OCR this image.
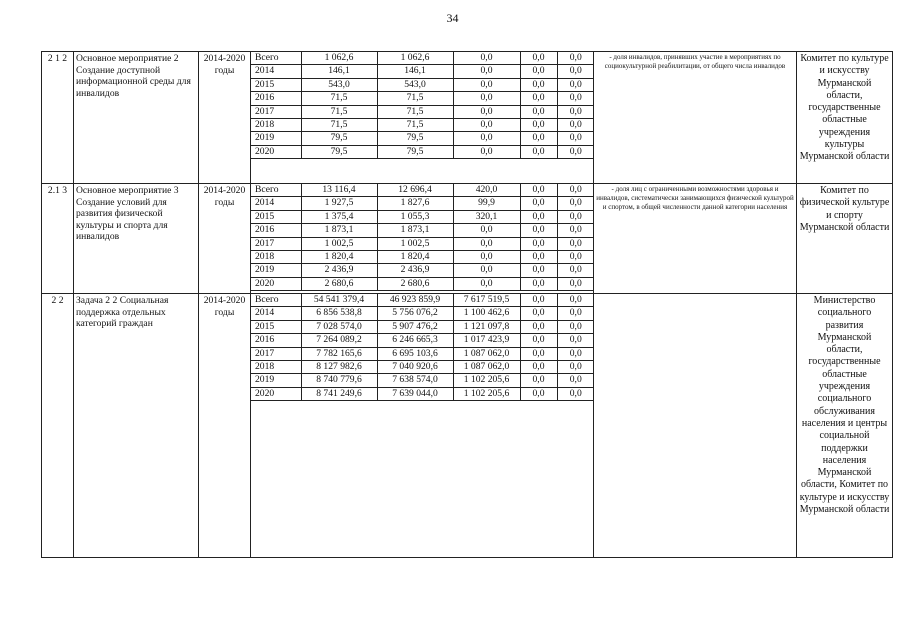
34
2 1 2	Основное мероприятие 2 Создание доступной информационной среды для инвалидов	2014-2020 годы	
Всего	1 062,6	1 062,6	0,0	0,0	0,0
2014	146,1	146,1	0,0	0,0	0,0
2015	543,0	543,0	0,0	0,0	0,0
2016	71,5	71,5	0,0	0,0	0,0
2017	71,5	71,5	0,0	0,0	0,0
2018	71,5	71,5	0,0	0,0	0,0
2019	79,5	79,5	0,0	0,0	0,0
2020	79,5	79,5	0,0	0,0	0,0
	- доля инвалидов, принявших участие в мероприятиях по социокультурной реабилитации, от общего числа инвалидов	Комитет по культуре и искусству Мурманской области, государственные областные учреждения культуры Мурманской области
2.1 3	Основное мероприятие 3 Создание условий для развития физической культуры и спорта для инвалидов	2014-2020 годы	
Всего	13 116,4	12 696,4	420,0	0,0	0,0
2014	1 927,5	1 827,6	99,9	0,0	0,0
2015	1 375,4	1 055,3	320,1	0,0	0,0
2016	1 873,1	1 873,1	0,0	0,0	0,0
2017	1 002,5	1 002,5	0,0	0,0	0,0
2018	1 820,4	1 820,4	0,0	0,0	0,0
2019	2 436,9	2 436,9	0,0	0,0	0,0
2020	2 680,6	2 680,6	0,0	0,0	0,0
	- доля лиц с ограниченными возможностями здоровья и инвалидов, систематически занимающихся физической культурой и спортом, в общей численности данной категории населения	Комитет по физической культуре и спорту Мурманской области
2 2	Задача 2 2 Социальная поддержка отдельных категорий граждан	2014-2020 годы	
Всего	54 541 379,4	46 923 859,9	7 617 519,5	0,0	0,0
2014	6 856 538,8	5 756 076,2	1 100 462,6	0,0	0,0
2015	7 028 574,0	5 907 476,2	1 121 097,8	0,0	0,0
2016	7 264 089,2	6 246 665,3	1 017 423,9	0,0	0,0
2017	7 782 165,6	6 695 103,6	1 087 062,0	0,0	0,0
2018	8 127 982,6	7 040 920,6	1 087 062,0	0,0	0,0
2019	8 740 779,6	7 638 574,0	1 102 205,6	0,0	0,0
2020	8 741 249,6	7 639 044,0	1 102 205,6	0,0	0,0
		Министерство социального развития Мурманской области, государственные областные учреждения социального обслуживания населения и центры социальной поддержки населения Мурманской области, Комитет по культуре и искусству Мурманской области
